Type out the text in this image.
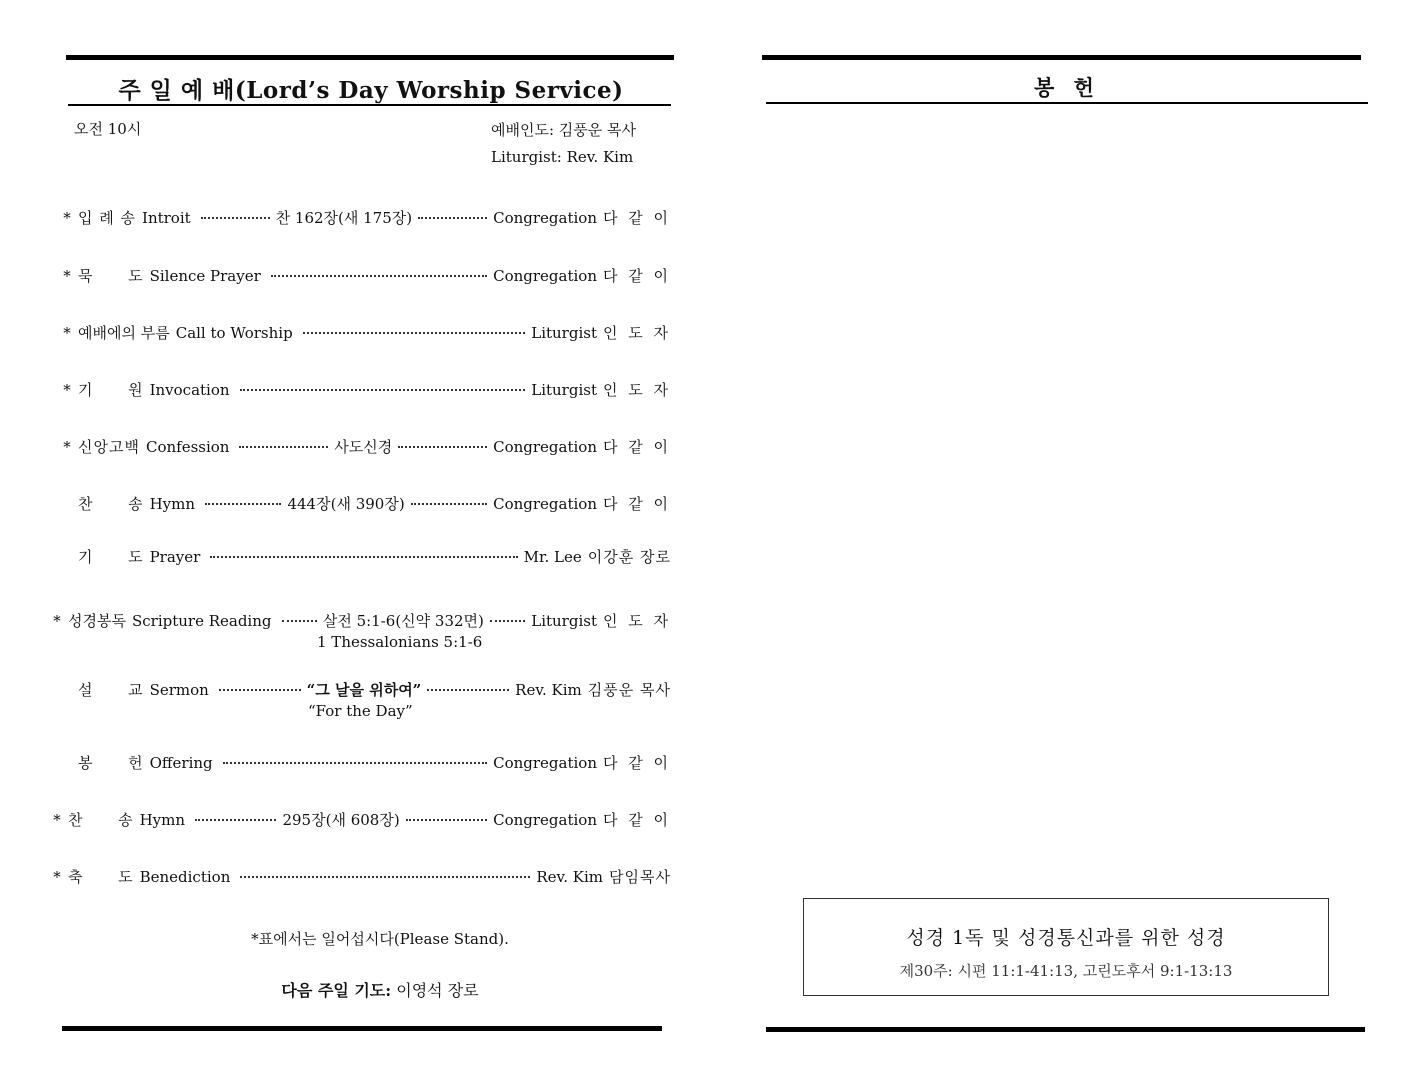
주 일 예 배(Lord’s Day Worship Service)
오전 10시	예배인도: 김풍운 목사
Liturgist: Rev. Kim
* 입 례 송 Introit	찬 162장(새 175장)	Congregation 다 같 이
* 묵      도 Silence Prayer	Congregation 다 같 이
* 예배에의 부름 Call to Worship	Liturgist 인 도 자
* 기      원 Invocation	Liturgist 인 도 자
* 신앙고백 Confession	사도신경	Congregation 다 같 이
찬      송 Hymn	444장(새 390장)	Congregation 다 같 이
기      도 Prayer	Mr. Lee 이강훈 장로
* 성경봉독 Scripture Reading	살전 5:1-6(신약 332면)	Liturgist 인 도 자
1 Thessalonians 5:1-6
설      교 Sermon	“그 날을 위하여”	Rev. Kim 김풍운 목사
“For the Day”
봉      헌 Offering	Congregation 다 같 이
* 찬      송 Hymn	295장(새 608장)	Congregation 다 같 이
* 축      도 Benediction	Rev. Kim 담임목사
*표에서는 일어섭시다(Please Stand).
다음 주일 기도: 이영석 장로
봉 헌
성경 1독 및 성경통신과를 위한 성경
제30주: 시편 11:1-41:13, 고린도후서 9:1-13:13
